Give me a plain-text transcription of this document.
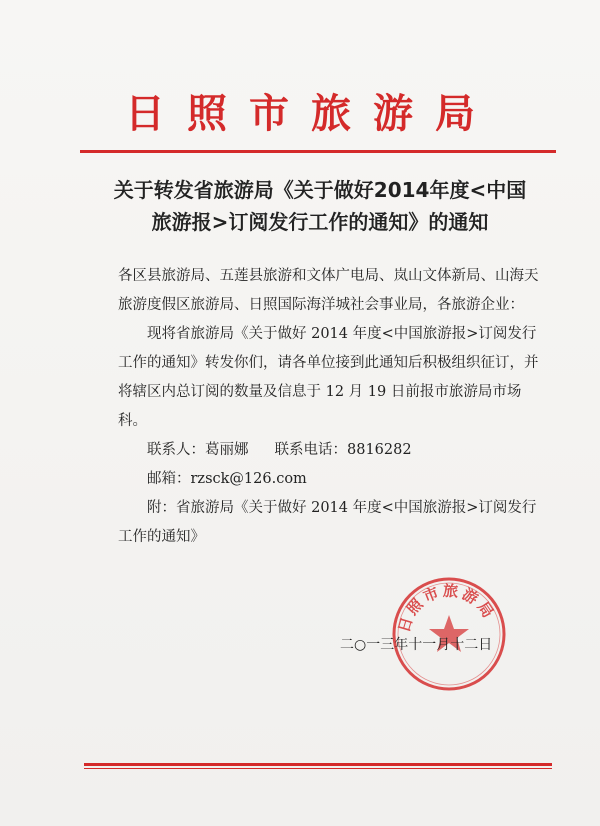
日照市旅游局
关于转发省旅游局《关于做好2014年度<中国旅游报>订阅发行工作的通知》的通知

各区县旅游局、五莲县旅游和文体广电局、岚山文体新局、山海天旅游度假区旅游局、日照国际海洋城社会事业局，各旅游企业：

现将省旅游局《关于做好 2014 年度<中国旅游报>订阅发行工作的通知》转发你们，请各单位接到此通知后积极组织征订，并将辖区内总订阅的数量及信息于 12 月 19 日前报市旅游局市场科。

联系人：葛丽娜 联系电话：8816282

邮箱：rzsck@126.com

附：省旅游局《关于做好 2014 年度<中国旅游报>订阅发行工作的通知》

日照市旅游局
二○一三年十一月十二日
